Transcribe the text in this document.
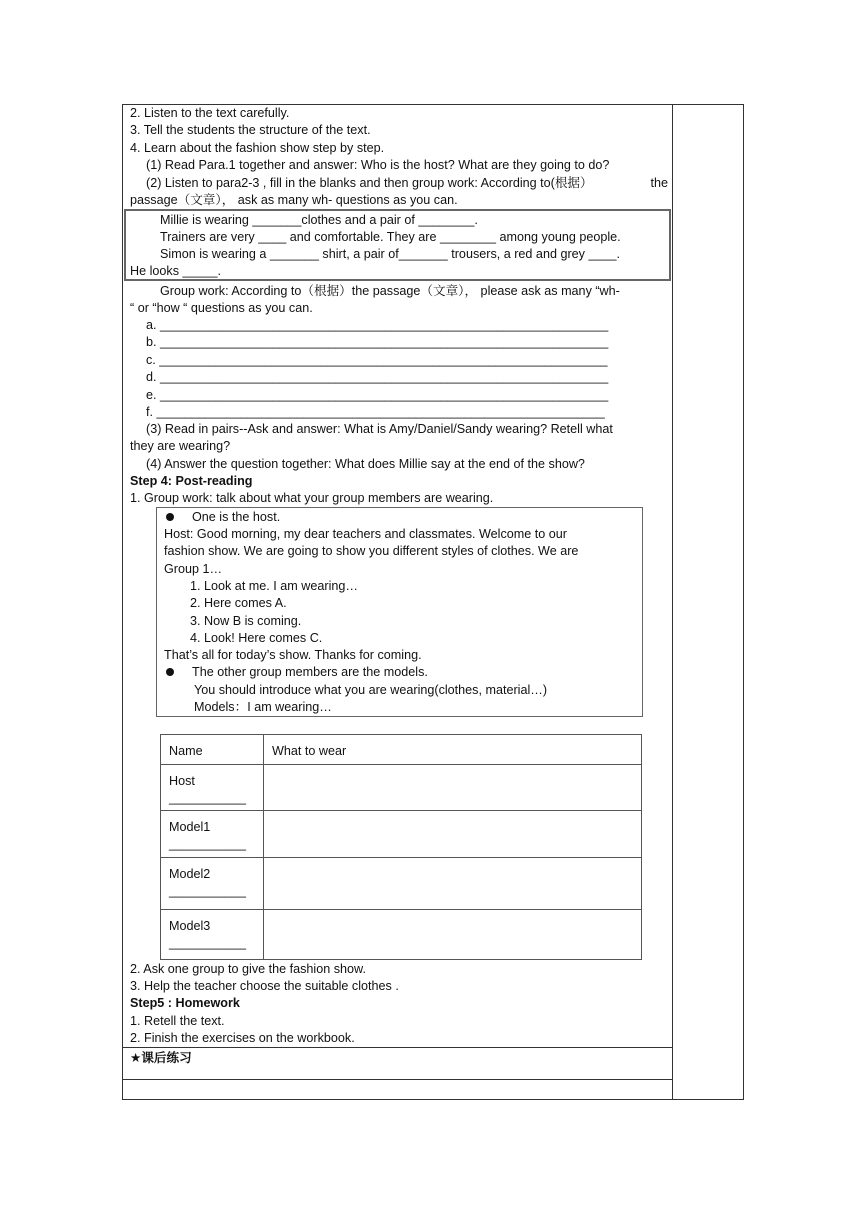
2. Listen to the text carefully.
3. Tell the students the structure of the text.
4. Learn about the fashion show step by step.
(1) Read Para.1 together and answer: Who is the host? What are they going to do?
(2) Listen to para2-3 , fill in the blanks and then group work: According to(根据）	the
passage（文章）， ask as many wh- questions as you can.
Millie is wearing _______clothes and a pair of ________.
Trainers are very ____ and comfortable. They are ________ among young people.
Simon is wearing a _______ shirt, a pair of_______ trousers, a red and grey ____.
He looks _____.
Group work: According to（根据）the passage（文章）， please ask as many “wh-
“ or “how “ questions as you can.
a. ________________________________________________________________
b. ________________________________________________________________
c. ________________________________________________________________
d. ________________________________________________________________
e. ________________________________________________________________
f. ________________________________________________________________
(3) Read in pairs--Ask and answer: What is Amy/Daniel/Sandy wearing? Retell what
they are wearing?
(4) Answer the question together: What does Millie say at the end of the show?
Step 4: Post-reading
1. Group work: talk about what your group members are wearing.
One is the host.
Host: Good morning, my dear teachers and classmates. Welcome to our
fashion show. We are going to show you different styles of clothes. We are
Group 1…
1. Look at me. I am wearing…
2. Here comes A.
3. Now B is coming.
4. Look! Here comes C.
That’s all for today’s show. Thanks for coming.
The other group members are the models.
You should introduce what you are wearing(clothes, material…)
Models：I am wearing…
Name	What to wear

Host
___________	

Model1
___________	

Model2
___________	

Model3
___________	

2. Ask one group to give the fashion show.
3. Help the teacher choose the suitable clothes .
Step5 : Homework
1. Retell the text.
2. Finish the exercises on the workbook.
★课后练习
